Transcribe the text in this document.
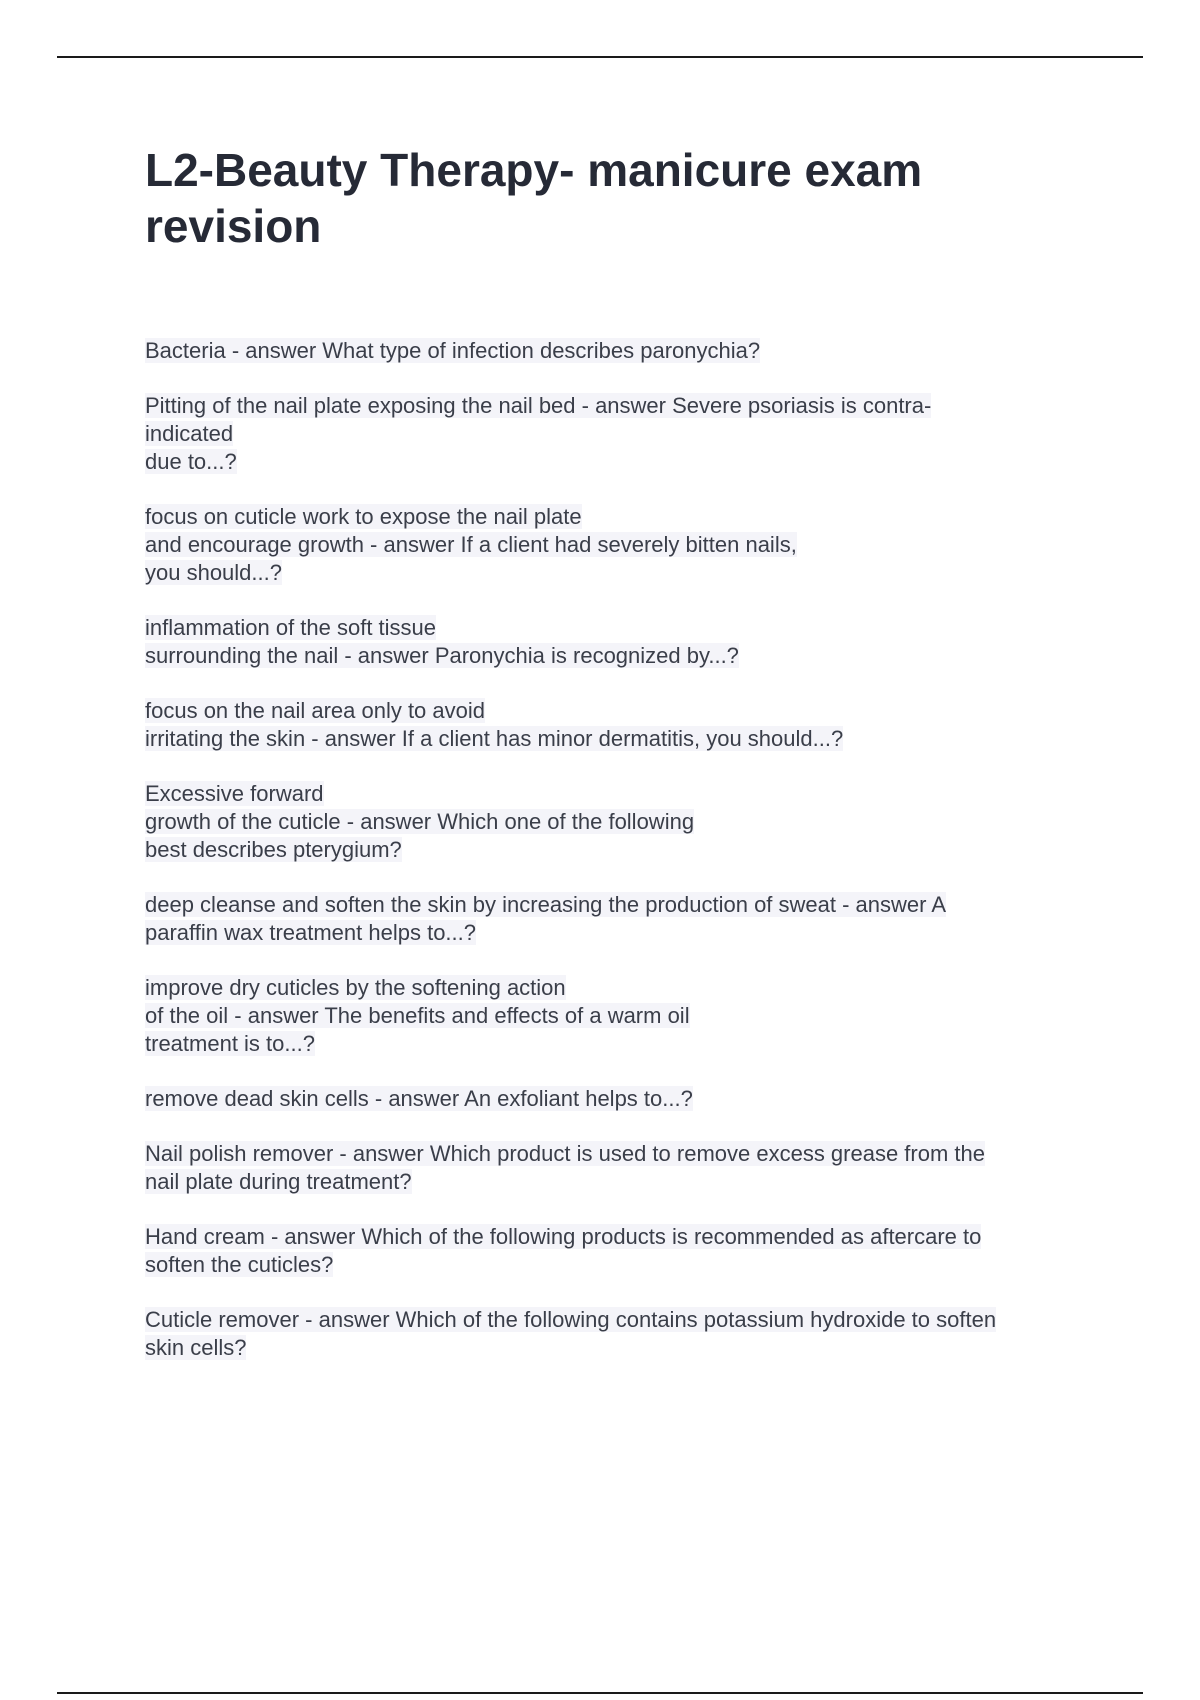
L2-Beauty Therapy- manicure exam revision
Bacteria - answer What type of infection describes paronychia?
Pitting of the nail plate exposing the nail bed - answer Severe psoriasis is contra-
indicated
due to...?
focus on cuticle work to expose the nail plate
and encourage growth - answer If a client had severely bitten nails,
you should...?
inflammation of the soft tissue
surrounding the nail - answer Paronychia is recognized by...?
focus on the nail area only to avoid
irritating the skin - answer If a client has minor dermatitis, you should...?
Excessive forward
growth of the cuticle - answer Which one of the following
best describes pterygium?
deep cleanse and soften the skin by increasing the production of sweat - answer A
paraffin wax treatment helps to...?
improve dry cuticles by the softening action
of the oil - answer The benefits and effects of a warm oil
treatment is to...?
remove dead skin cells - answer An exfoliant helps to...?
Nail polish remover - answer Which product is used to remove excess grease from the
nail plate during treatment?
Hand cream - answer Which of the following products is recommended as aftercare to
soften the cuticles?
Cuticle remover - answer Which of the following contains potassium hydroxide to soften
skin cells?
